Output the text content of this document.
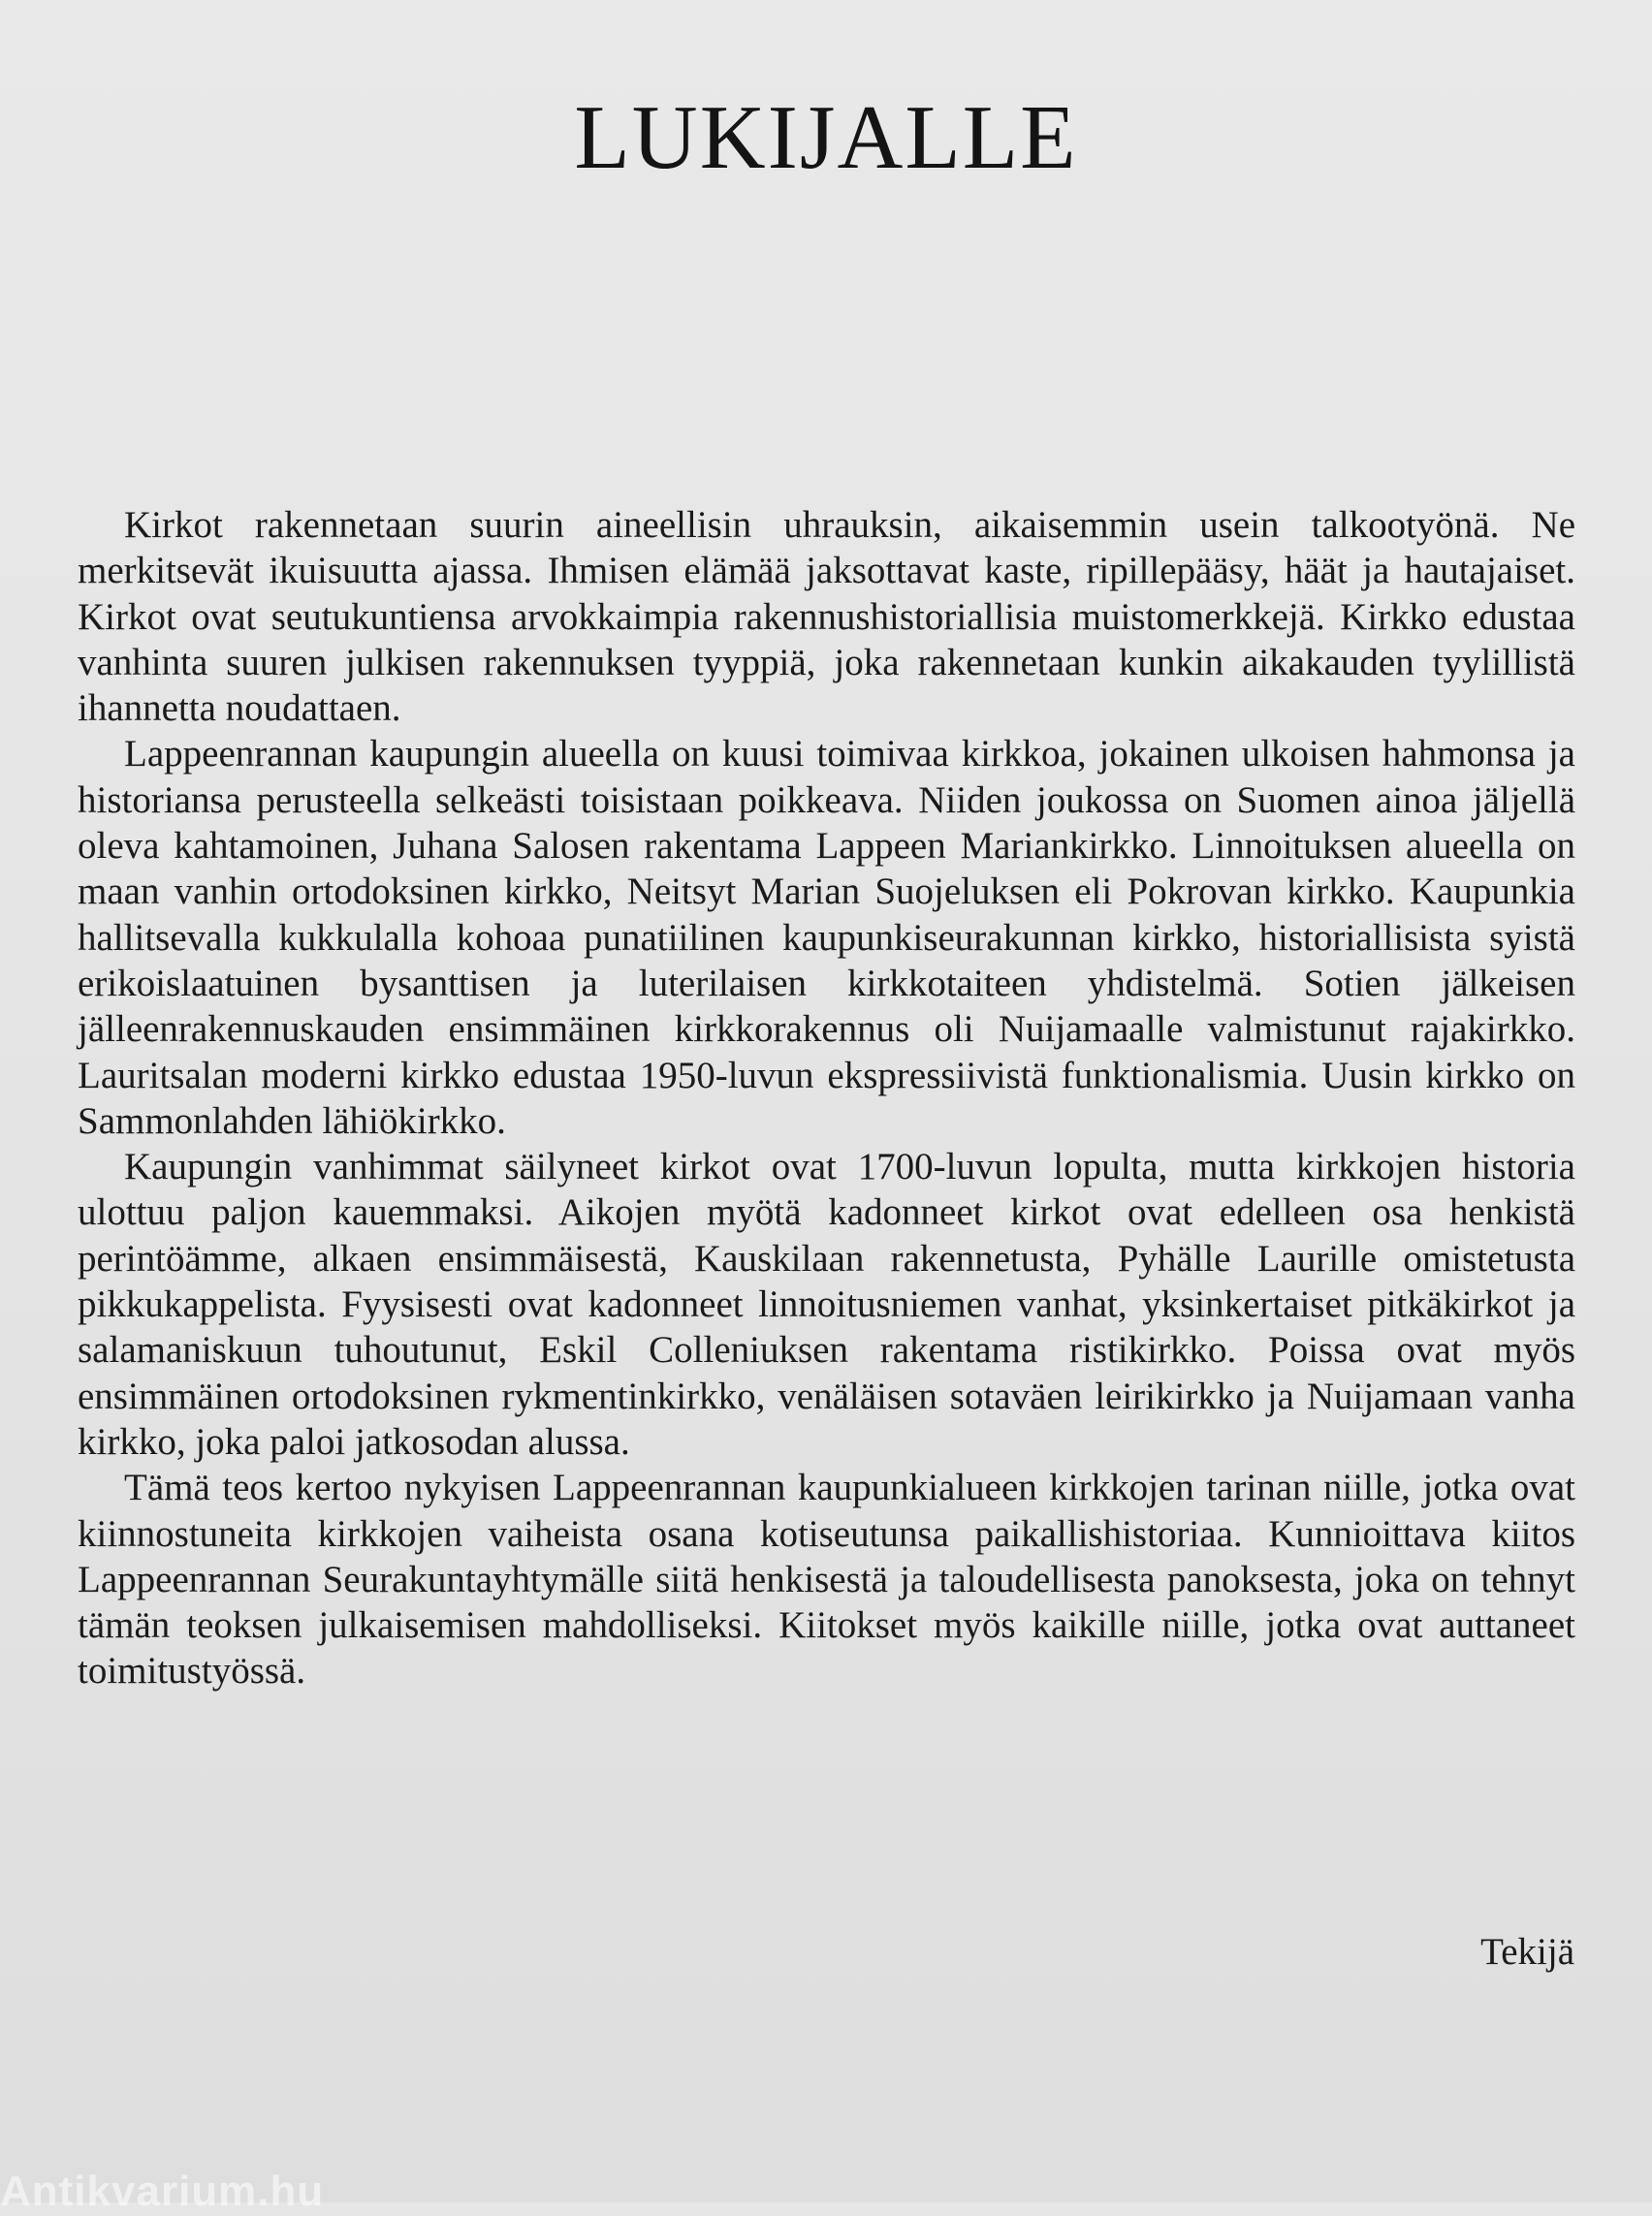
LUKIJALLE

Kirkot rakennetaan suurin aineellisin uhrauksin, aikaisemmin usein talkootyönä. Ne merkitsevät ikuisuutta ajassa. Ihmisen elämää jaksottavat kaste, ripillepääsy, häät ja hautajaiset. Kirkot ovat seutukuntiensa arvokkaimpia rakennushistoriallisia muistomerkkejä. Kirkko edustaa vanhinta suuren julkisen rakennuksen tyyppiä, joka rakennetaan kunkin aikakauden tyylillistä ihannetta noudattaen.

Lappeenrannan kaupungin alueella on kuusi toimivaa kirkkoa, jokainen ulkoisen hahmonsa ja historiansa perusteella selkeästi toisistaan poikkeava. Niiden joukossa on Suomen ainoa jäljellä oleva kahtamoinen, Juhana Salosen rakentama Lappeen Mariankirkko. Linnoituksen alueella on maan vanhin ortodoksinen kirkko, Neitsyt Marian Suojeluksen eli Pokrovan kirkko. Kaupunkia hallitsevalla kukkulalla kohoaa punatiilinen kaupunkiseurakunnan kirkko, historiallisista syistä erikoislaatuinen bysanttisen ja luterilaisen kirkkotaiteen yhdistelmä. Sotien jälkeisen jälleenrakennuskauden ensimmäinen kirkkorakennus oli Nuijamaalle valmistunut rajakirkko. Lauritsalan moderni kirkko edustaa 1950-luvun ekspressiivistä funktionalismia. Uusin kirkko on Sammonlahden lähiökirkko.

Kaupungin vanhimmat säilyneet kirkot ovat 1700-luvun lopulta, mutta kirkkojen historia ulottuu paljon kauemmaksi. Aikojen myötä kadonneet kirkot ovat edelleen osa henkistä perintöämme, alkaen ensimmäisestä, Kauskilaan rakennetusta, Pyhälle Laurille omistetusta pikkukappelista. Fyysisesti ovat kadonneet linnoitusniemen vanhat, yksinkertaiset pitkäkirkot ja salamaniskuun tuhoutunut, Eskil Colleniuksen rakentama ristikirkko. Poissa ovat myös ensimmäinen ortodoksinen rykmentinkirkko, venäläisen sotaväen leirikirkko ja Nuijamaan vanha kirkko, joka paloi jatkosodan alussa.

Tämä teos kertoo nykyisen Lappeenrannan kaupunkialueen kirkkojen tarinan niille, jotka ovat kiinnostuneita kirkkojen vaiheista osana kotiseutunsa paikallishistoriaa. Kunnioittava kiitos Lappeenrannan Seurakuntayhtymälle siitä henkisestä ja taloudellisesta panoksesta, joka on tehnyt tämän teoksen julkaisemisen mahdolliseksi. Kiitokset myös kaikille niille, jotka ovat auttaneet toimitustyössä.

Tekijä
Antikvarium.hu
